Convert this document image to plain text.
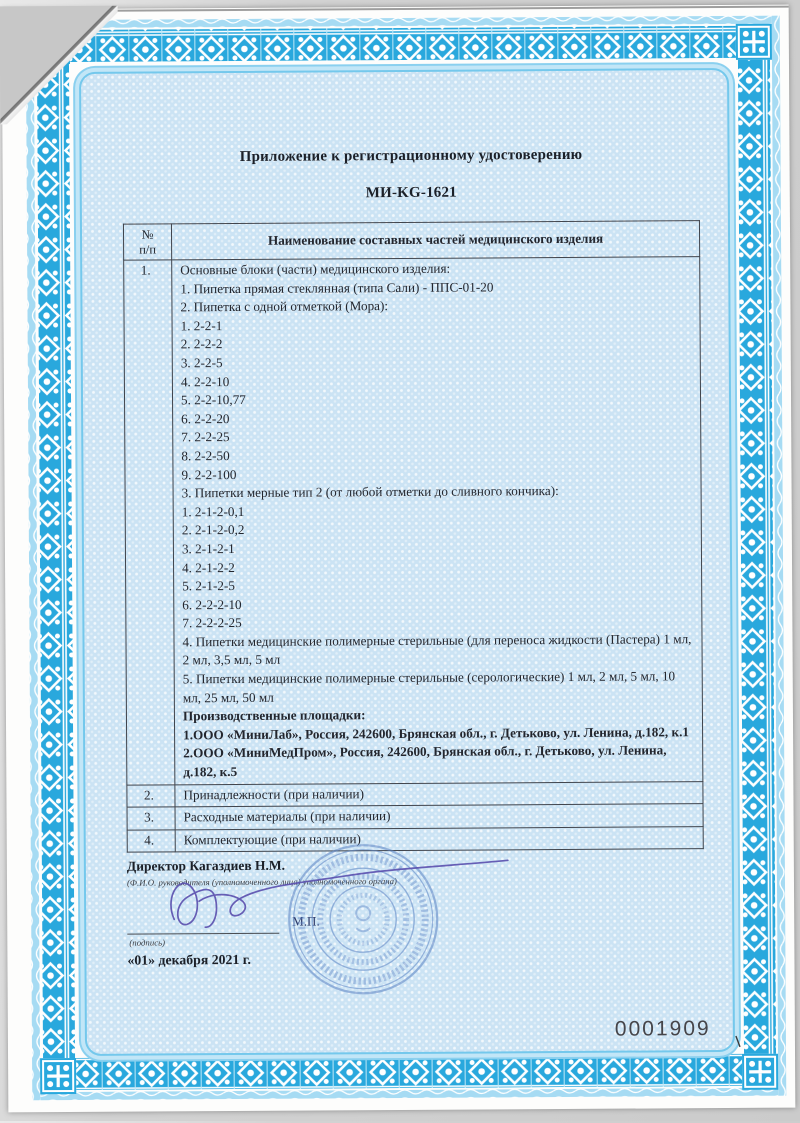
Приложение к регистрационному удостоверению
МИ-KG-1621
№
п/п	Наименование составных частей медицинского изделия
1.	Основные блоки (части) медицинского изделия:
1. Пипетка прямая стеклянная (типа Сали) - ППС-01-20
2. Пипетка с одной отметкой (Мора):
1. 2-2-1
2. 2-2-2
3. 2-2-5
4. 2-2-10
5. 2-2-10,77
6. 2-2-20
7. 2-2-25
8. 2-2-50
9. 2-2-100
3. Пипетки мерные тип 2 (от любой отметки до сливного кончика):
1. 2-1-2-0,1
2. 2-1-2-0,2
3. 2-1-2-1
4. 2-1-2-2
5. 2-1-2-5
6. 2-2-2-10
7. 2-2-2-25
4. Пипетки медицинские полимерные стерильные (для переноса жидкости (Пастера) 1 мл, 2 мл, 3,5 мл, 5 мл
5. Пипетки медицинские полимерные стерильные (серологические) 1 мл, 2 мл, 5 мл, 10 мл, 25 мл, 50 мл
Производственные площадки:
1.ООО «МиниЛаб», Россия, 242600, Брянская обл., г. Детьково, ул. Ленина, д.182, к.1
2.ООО «МиниМедПром», Россия, 242600, Брянская обл., г. Детьково, ул. Ленина, д.182, к.5

2.	Принадлежности (при наличии)
3.	Расходные материалы (при наличии)
4.	Комплектующие (при наличии)
Директор Кагаздиев Н.М.
(Ф.И.О. руководителя (уполномоченного лица) уполномоченного органа)
(подпись)
М.П.
«01» декабря 2021 г.
0001909
